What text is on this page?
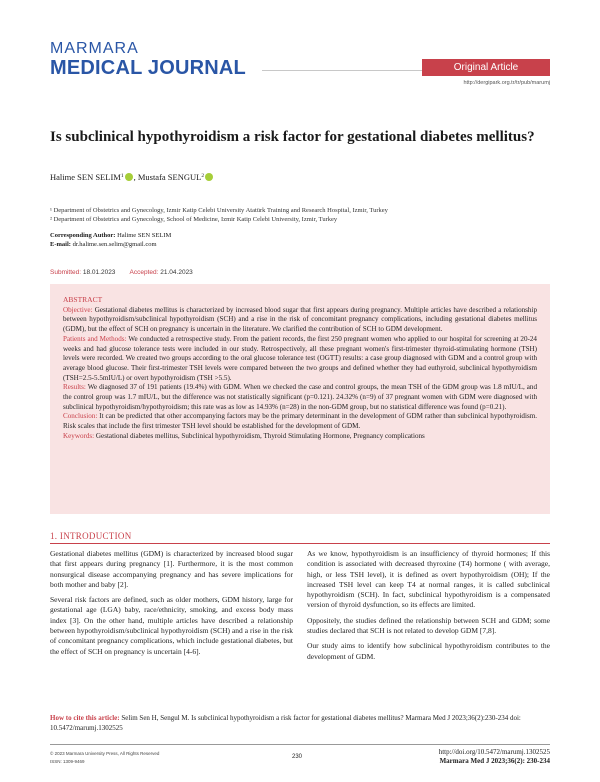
MARMARA
MEDICAL JOURNAL	Original Article
http://dergipark.org.tr/tr/pub/marumj
Is subclinical hypothyroidism a risk factor for gestational diabetes mellitus?
Halime SEN SELIM$^1$ , Mustafa SENGUL$^2$
¹ Department of Obstetrics and Gynecology, Izmir Katip Celebi University Atatürk Training and Research Hospital, Izmir, Turkey
² Department of Obstetrics and Gynecology, School of Medicine, Izmir Katip Celebi University, Izmir, Turkey
Corresponding Author: Halime SEN SELIM
E-mail: dr.halime.sen.selim@gmail.com
Submitted: 18.01.2023 Accepted: 21.04.2023
ABSTRACT

Objective: Gestational diabetes mellitus is characterized by increased blood sugar that first appears during pregnancy. Multiple articles have described a relationship between hypothyroidism/subclinical hypothyroidism (SCH) and a rise in the risk of concomitant pregnancy complications, including gestational diabetes mellitus (GDM), but the effect of SCH on pregnancy is uncertain in the literature. We clarified the contribution of SCH to GDM development.

Patients and Methods: We conducted a retrospective study. From the patient records, the first 250 pregnant women who applied to our hospital for screening at 20-24 weeks and had glucose tolerance tests were included in our study. Retrospectively, all these pregnant women's first-trimester thyroid-stimulating hormone (TSH) levels were recorded. We created two groups according to the oral glucose tolerance test (OGTT) results: a case group diagnosed with GDM and a control group with average blood glucose. Their first-trimester TSH levels were compared between the two groups and defined whether they had euthyroid, subclinical hypothyroidism (TSH=2.5-5.5mIU/L) or overt hypothyroidism (TSH >5.5).

Results: We diagnosed 37 of 191 patients (19.4%) with GDM. When we checked the case and control groups, the mean TSH of the GDM group was 1.8 mIU/L, and the control group was 1.7 mIU/L, but the difference was not statistically significant (p=0.121). 24.32% (n=9) of 37 pregnant women with GDM were diagnosed with subclinical hypothyroidism/hypothyroidism; this rate was as low as 14.93% (n=28) in the non-GDM group, but no statistical difference was found (p=0.21).

Conclusion: It can be predicted that other accompanying factors may be the primary determinant in the development of GDM rather than subclinical hypothyroidism. Risk scales that include the first trimester TSH level should be established for the development of GDM.

Keywords: Gestational diabetes mellitus, Subclinical hypothyroidism, Thyroid Stimulating Hormone, Pregnancy complications

1. INTRODUCTION

Gestational diabetes mellitus (GDM) is characterized by increased blood sugar that first appears during pregnancy [1]. Furthermore, it is the most common nonsurgical disease accompanying pregnancy and has severe implications for both mother and baby [2].

Several risk factors are defined, such as older mothers, GDM history, large for gestational age (LGA) baby, race/ethnicity, smoking, and excess body mass index [3]. On the other hand, multiple articles have described a relationship between hypothyroidism/subclinical hypothyroidism (SCH) and a rise in the risk of concomitant pregnancy complications, which include gestational diabetes, but the effect of SCH on pregnancy is uncertain [4-6].

As we know, hypothyroidism is an insufficiency of thyroid hormones; If this condition is associated with decreased thyroxine (T4) hormone ( with average, high, or less TSH level), it is defined as overt hypothyroidism (OH); If the increased TSH level can keep T4 at normal ranges, it is called subclinical hypothyroidism (SCH). In fact, subclinical hypothyroidism is a compensated version of thyroid dysfunction, so its effects are limited.

Oppositely, the studies defined the relationship between SCH and GDM; some studies declared that SCH is not related to develop GDM [7,8].

Our study aims to identify how subclinical hypothyroidism contributes to the development of GDM.

How to cite this article: Selim Sen H, Sengul M. Is subclinical hypothyroidism a risk factor for gestational diabetes mellitus? Marmara Med J 2023;36(2):230-234 doi: 10.5472/marumj.1302525
© 2023 Marmara University Press, All Rights Reserved
ISSN: 1309-9469
230
http://doi.org/10.5472/marumj.1302525
Marmara Med J 2023;36(2): 230-234
